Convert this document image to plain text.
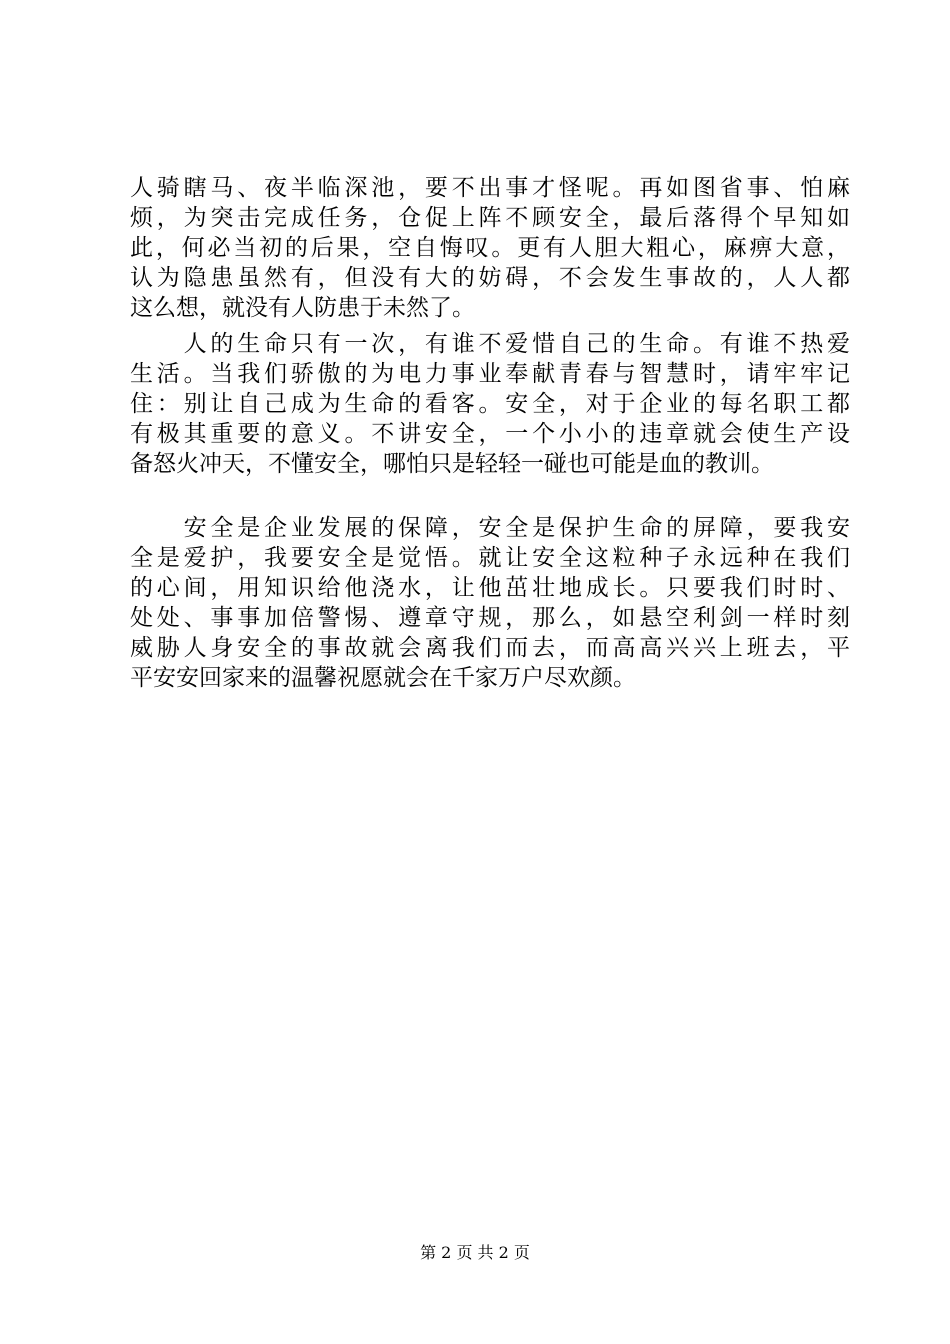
人骑瞎马、夜半临深池，要不出事才怪呢。再如图省事、怕麻
烦，为突击完成任务，仓促上阵不顾安全，最后落得个早知如
此，何必当初的后果，空自悔叹。更有人胆大粗心，麻痹大意，
认为隐患虽然有，但没有大的妨碍，不会发生事故的，人人都
这么想，就没有人防患于未然了。
　　人的生命只有一次，有谁不爱惜自己的生命。有谁不热爱
生活。当我们骄傲的为电力事业奉献青春与智慧时，请牢牢记
住：别让自己成为生命的看客。安全，对于企业的每名职工都
有极其重要的意义。不讲安全，一个小小的违章就会使生产设
备怒火冲天，不懂安全，哪怕只是轻轻一碰也可能是血的教训。
　　安全是企业发展的保障，安全是保护生命的屏障，要我安
全是爱护，我要安全是觉悟。就让安全这粒种子永远种在我们
的心间，用知识给他浇水，让他茁壮地成长。只要我们时时、
处处、事事加倍警惕、遵章守规，那么，如悬空利剑一样时刻
威胁人身安全的事故就会离我们而去，而高高兴兴上班去，平
平安安回家来的温馨祝愿就会在千家万户尽欢颜。
第 2 页 共 2 页
